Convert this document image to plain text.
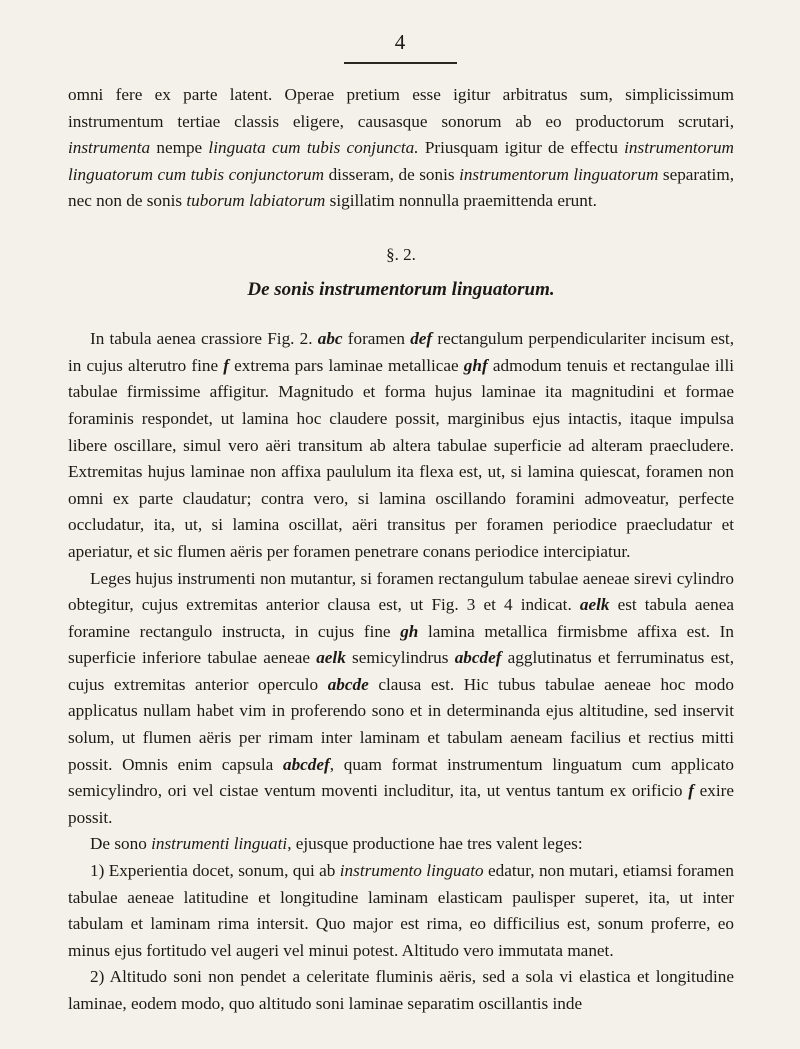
4

omni fere ex parte latent. Operae pretium esse igitur arbitratus sum, simplicissimum instrumentum tertiae classis eligere, causasque sonorum ab eo productorum scrutari, instrumenta nempe linguata cum tubis conjuncta. Priusquam igitur de effectu instrumentorum linguatorum cum tubis conjunctorum disseram, de sonis instrumentorum linguatorum separatim, nec non de sonis tuborum labiatorum sigillatim nonnulla praemittenda erunt.

§. 2.
De sonis instrumentorum linguatorum.

In tabula aenea crassiore Fig. 2. abc foramen def rectangulum perpendiculariter incisum est, in cujus alterutro fine f extrema pars laminae metallicae ghf admodum tenuis et rectangulae illi tabulae firmissime affigitur. Magnitudo et forma hujus laminae ita magnitudini et formae foraminis respondet, ut lamina hoc claudere possit, marginibus ejus intactis, itaque impulsa libere oscillare, simul vero aëri transitum ab altera tabulae superficie ad alteram praecludere. Extremitas hujus laminae non affixa paululum ita flexa est, ut, si lamina quiescat, foramen non omni ex parte claudatur; contra vero, si lamina oscillando foramini admoveatur, perfecte occludatur, ita, ut, si lamina oscillat, aëri transitus per foramen periodice praecludatur et aperiatur, et sic flumen aëris per foramen penetrare conans periodice intercipiatur.

Leges hujus instrumenti non mutantur, si foramen rectangulum tabulae aeneae sirevi cylindro obtegitur, cujus extremitas anterior clausa est, ut Fig. 3 et 4 indicat. aelk est tabula aenea foramine rectangulo instructa, in cujus fine gh lamina metallica firmisbme affixa est. In superficie inferiore tabulae aeneae aelk semicylindrus abcdef agglutinatus et ferruminatus est, cujus extremitas anterior operculo abcde clausa est. Hic tubus tabulae aeneae hoc modo applicatus nullam habet vim in proferendo sono et in determinanda ejus altitudine, sed inservit solum, ut flumen aëris per rimam inter laminam et tabulam aeneam facilius et rectius mitti possit. Omnis enim capsula abcdef, quam format instrumentum linguatum cum applicato semicylindro, ori vel cistae ventum moventi includitur, ita, ut ventus tantum ex orificio f exire possit.

De sono instrumenti linguati, ejusque productione hae tres valent leges:

1) Experientia docet, sonum, qui ab instrumento linguato edatur, non mutari, etiamsi foramen tabulae aeneae latitudine et longitudine laminam elasticam paulisper superet, ita, ut inter tabulam et laminam rima intersit. Quo major est rima, eo difficilius est, sonum proferre, eo minus ejus fortitudo vel augeri vel minui potest. Altitudo vero immutata manet.

2) Altitudo soni non pendet a celeritate fluminis aëris, sed a sola vi elastica et longitudine laminae, eodem modo, quo altitudo soni laminae separatim oscillantis inde
